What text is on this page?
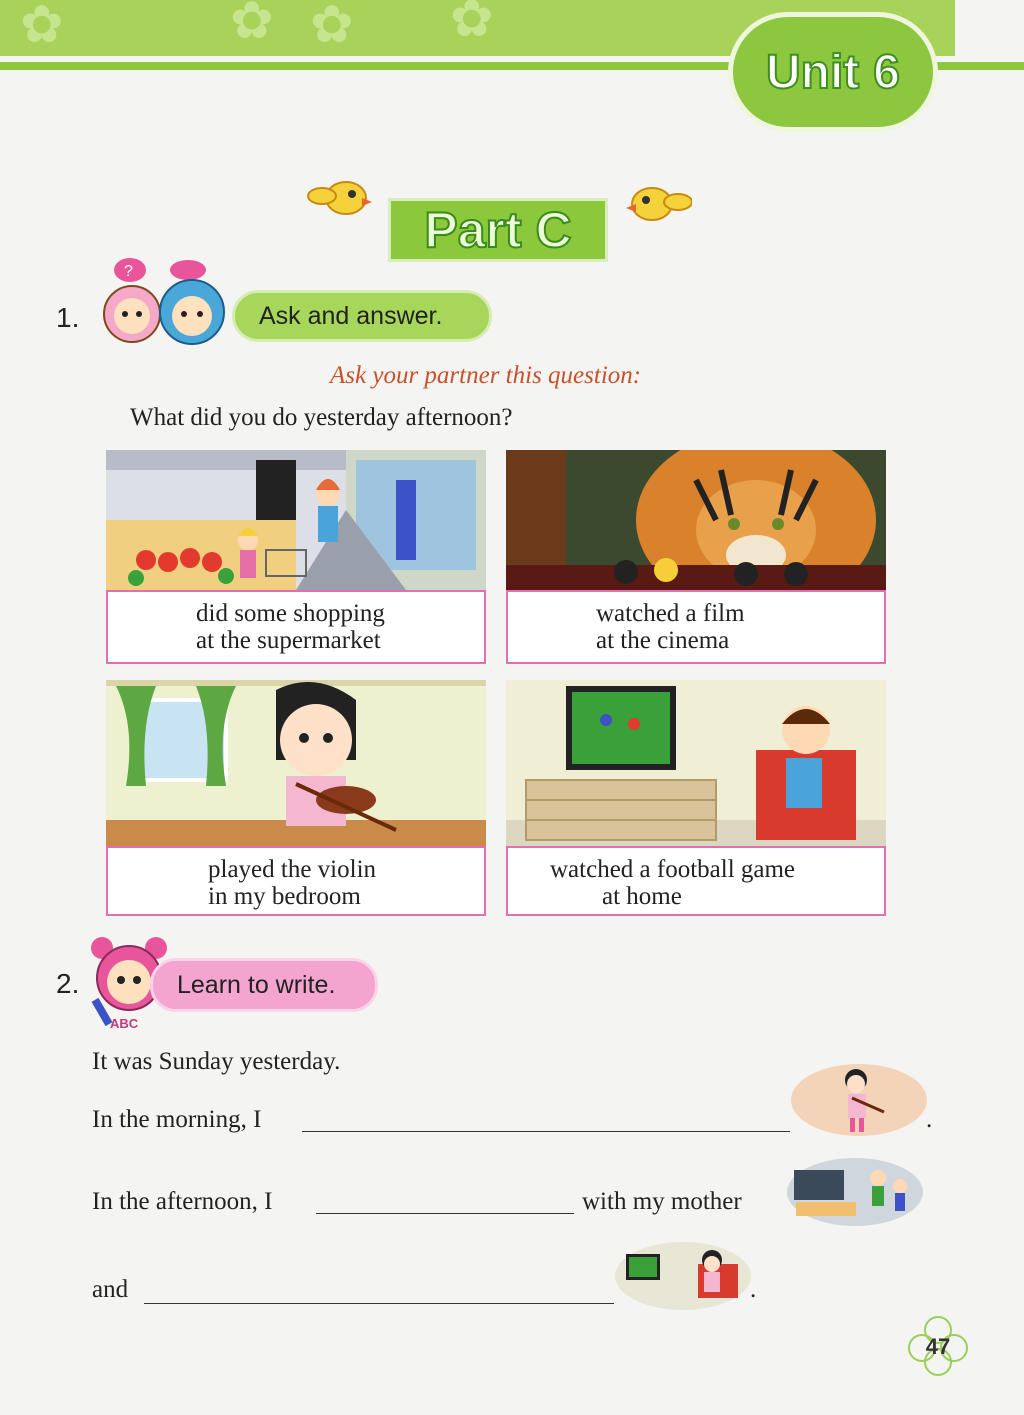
✿	✿ ✿ ✿
Unit 6
Part C
1.
?
Ask and answer.
Ask your partner this question:
What did you do yesterday afternoon?
did some shopping
at the supermarket
watched a film
at the cinema
played the violin
in my bedroom
watched a football game
at home
2.
ABC
Learn to write.
It was Sunday yesterday.
In the morning, I	.
In the afternoon, I	with my mother
and	.
47
